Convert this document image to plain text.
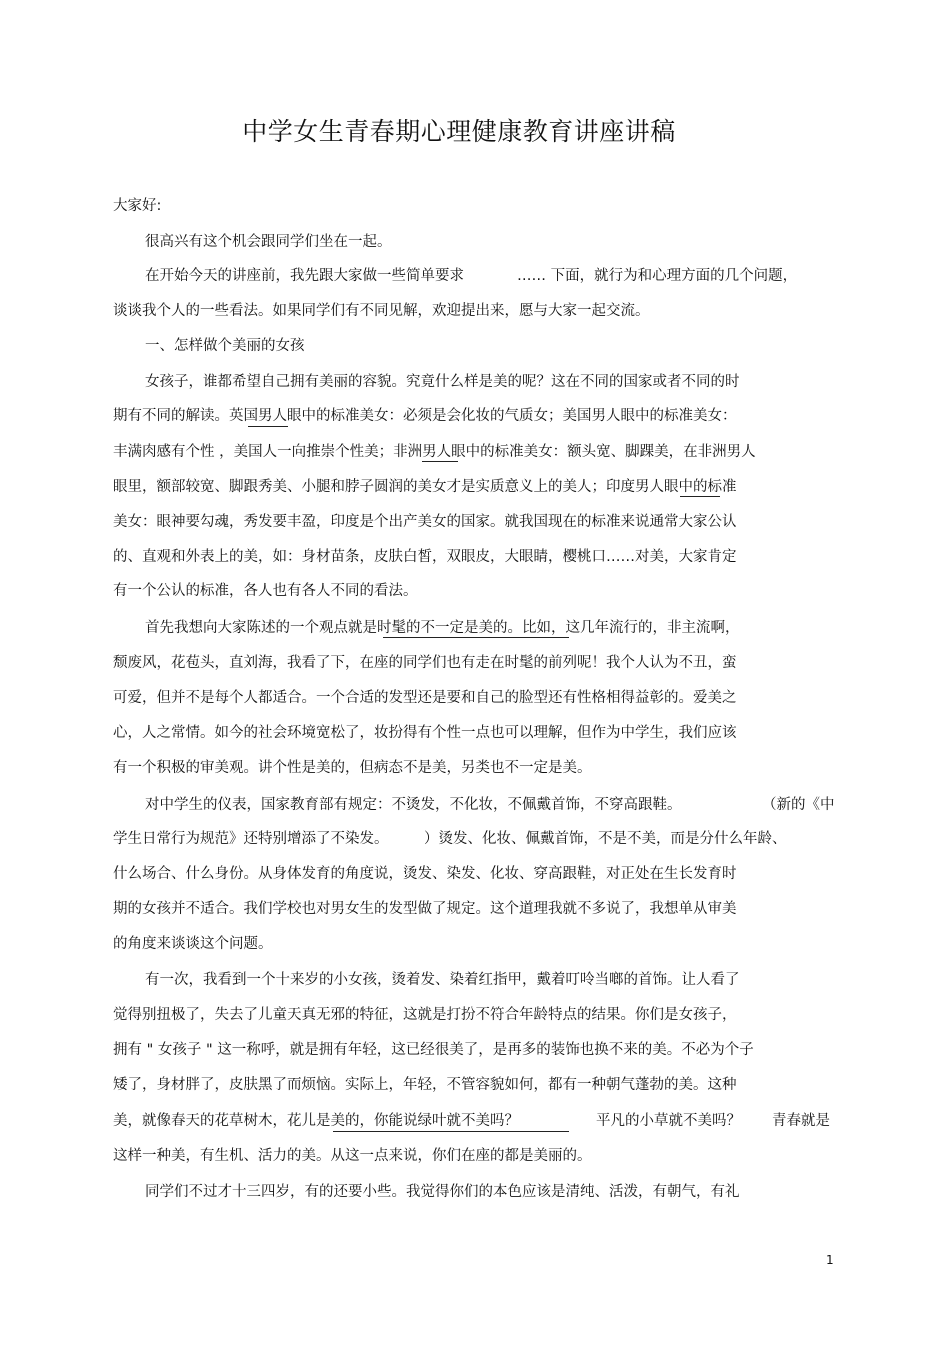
中学女生青春期心理健康教育讲座讲稿
大家好:
很高兴有这个机会跟同学们坐在一起。
在开始今天的讲座前，我先跟大家做一些简单要求	…… 下面，就行为和心理方面的几个问题，
谈谈我个人的一些看法。如果同学们有不同见解，欢迎提出来，愿与大家一起交流。
一、怎样做个美丽的女孩
女孩子，谁都希望自己拥有美丽的容貌。究竟什么样是美的呢？这在不同的国家或者不同的时
期有不同的解读。英国男人眼中的标准美女：必须是会化妆的气质女；美国男人眼中的标准美女：
丰满肉感有个性 ，美国人一向推崇个性美；非洲男人眼中的标准美女：额头宽、脚踝美，在非洲男人
眼里，额部较宽、脚跟秀美、小腿和脖子圆润的美女才是实质意义上的美人；印度男人眼中的标准
美女：眼神要勾魂，秀发要丰盈，印度是个出产美女的国家。就我国现在的标准来说通常大家公认
的、直观和外表上的美，如：身材苗条，皮肤白皙，双眼皮，大眼睛，樱桃口……对美，大家肯定
有一个公认的标准，各人也有各人不同的看法。
首先我想向大家陈述的一个观点就是时髦的不一定是美的。比如，这几年流行的，非主流啊，
颓废风，花苞头，直刘海，我看了下，在座的同学们也有走在时髦的前列呢！我个人认为不丑，蛮
可爱，但并不是每个人都适合。一个合适的发型还是要和自己的脸型还有性格相得益彰的。爱美之
心，人之常情。如今的社会环境宽松了，妆扮得有个性一点也可以理解，但作为中学生，我们应该
有一个积极的审美观。讲个性是美的，但病态不是美，另类也不一定是美。
对中学生的仪表，国家教育部有规定：不烫发，不化妆，不佩戴首饰，不穿高跟鞋。	（新的《中
学生日常行为规范》还特别增添了不染发。 ）烫发、化妆、佩戴首饰，不是不美，而是分什么年龄、
什么场合、什么身份。从身体发育的角度说，烫发、染发、化妆、穿高跟鞋，对正处在生长发育时
期的女孩并不适合。我们学校也对男女生的发型做了规定。这个道理我就不多说了，我想单从审美
的角度来谈谈这个问题。
有一次，我看到一个十来岁的小女孩，烫着发、染着红指甲，戴着叮呤当啷的首饰。让人看了
觉得别扭极了，失去了儿童天真无邪的特征，这就是打扮不符合年龄特点的结果。你们是女孩子，
拥有 " 女孩子 " 这一称呼，就是拥有年轻，这已经很美了，是再多的装饰也换不来的美。不必为个子
矮了，身材胖了，皮肤黑了而烦恼。实际上，年轻，不管容貌如何，都有一种朝气蓬勃的美。这种
美，就像春天的花草树木，花儿是美的，你能说绿叶就不美吗？	平凡的小草就不美吗？ 青春就是
这样一种美，有生机、活力的美。从这一点来说，你们在座的都是美丽的。
同学们不过才十三四岁，有的还要小些。我觉得你们的本色应该是清纯、活泼，有朝气，有礼
1
